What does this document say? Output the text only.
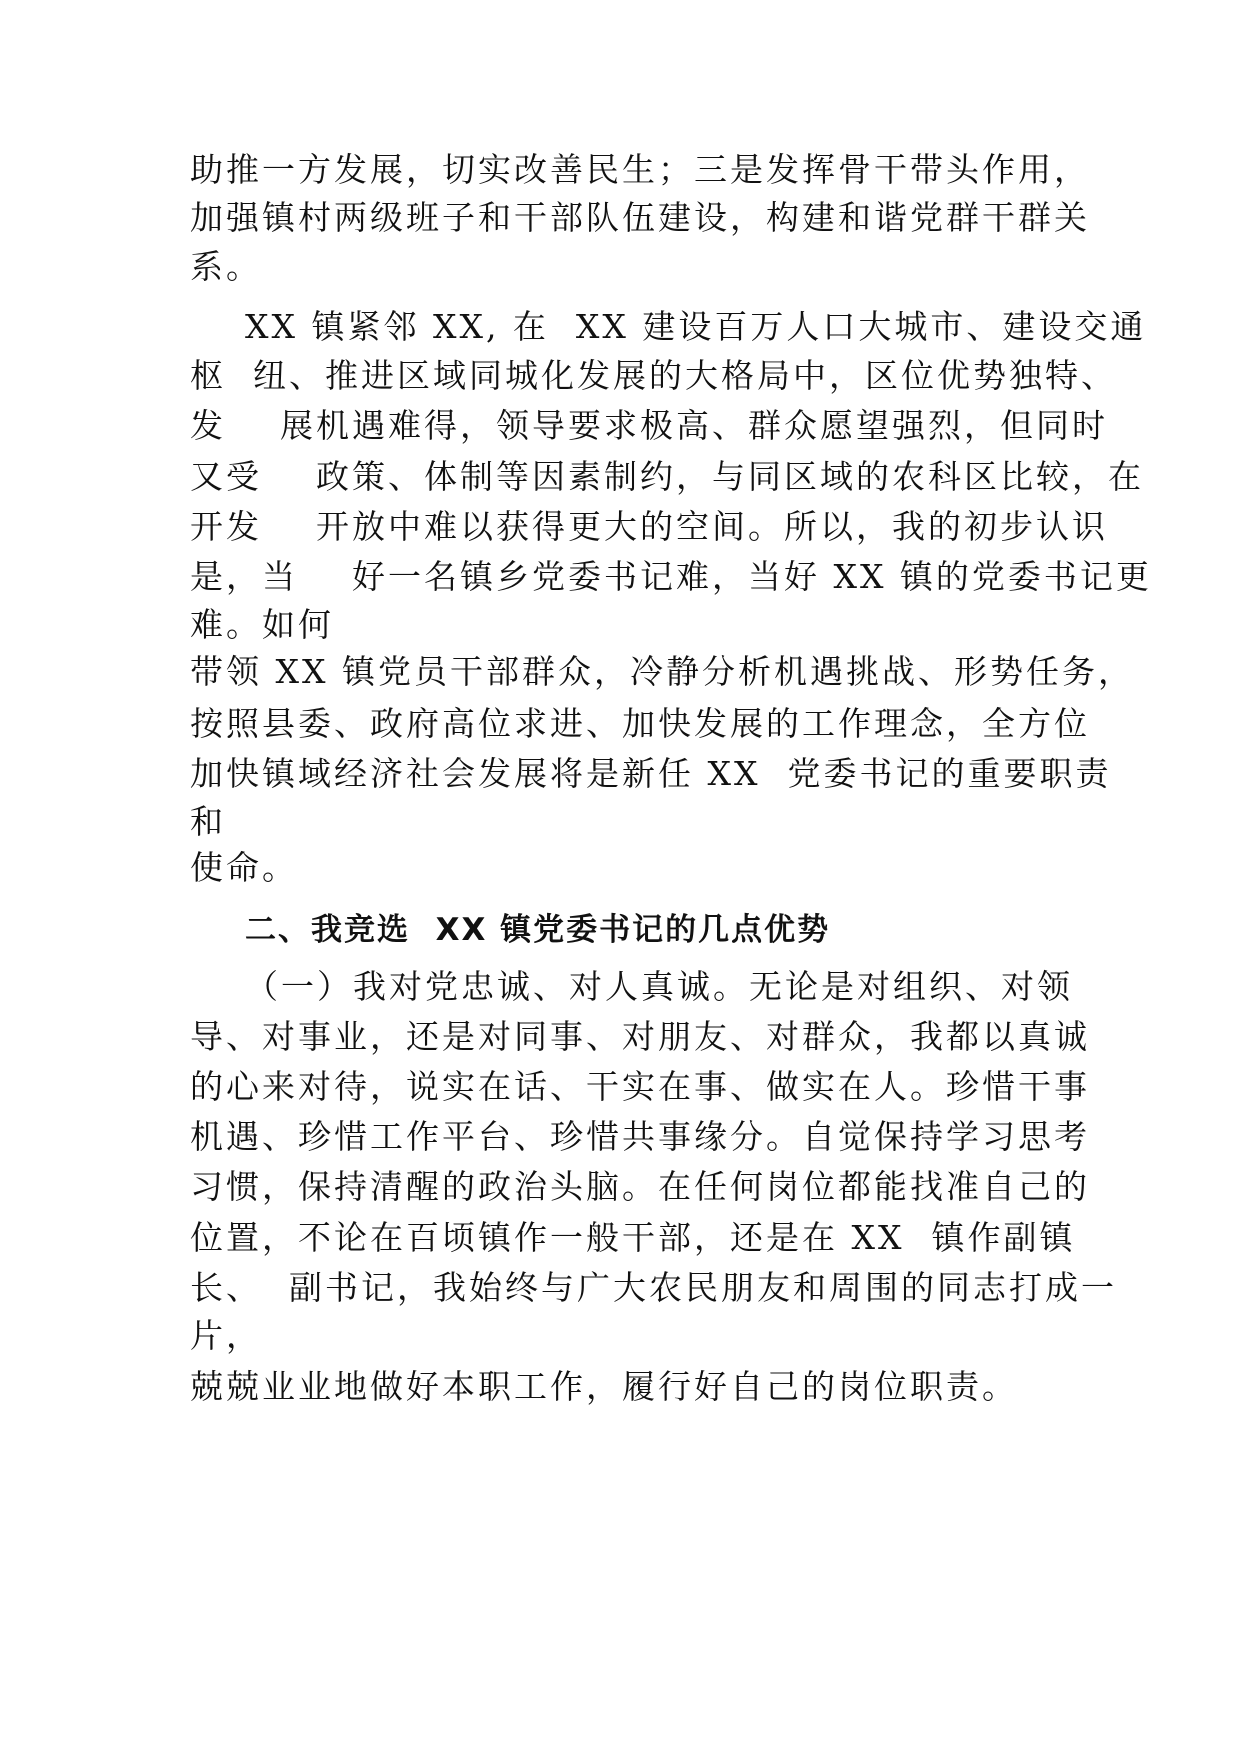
助推一方发展，切实改善民生；三是发挥骨干带头作用，
加强镇村两级班子和干部队伍建设，构建和谐党群干群关
系。
XX 镇紧邻 XX, 在  XX 建设百万人口大城市、建设交通
枢  纽、推进区域同城化发展的大格局中，区位优势独特、
发    展机遇难得，领导要求极高、群众愿望强烈，但同时
又受    政策、体制等因素制约，与同区域的农科区比较，在
开发    开放中难以获得更大的空间。所以，我的初步认识
是，当    好一名镇乡党委书记难，当好 XX 镇的党委书记更
难。如何
带领 XX 镇党员干部群众，冷静分析机遇挑战、形势任务，
按照县委、政府高位求进、加快发展的工作理念，全方位
加快镇域经济社会发展将是新任 XX  党委书记的重要职责
和
使命。
二、我竞选  XX 镇党委书记的几点优势
（一）我对党忠诚、对人真诚。无论是对组织、对领
导、对事业，还是对同事、对朋友、对群众，我都以真诚
的心来对待，说实在话、干实在事、做实在人。珍惜干事
机遇、珍惜工作平台、珍惜共事缘分。自觉保持学习思考
习惯，保持清醒的政治头脑。在任何岗位都能找准自己的
位置，不论在百顷镇作一般干部，还是在 XX  镇作副镇
长、  副书记，我始终与广大农民朋友和周围的同志打成一
片，
兢兢业业地做好本职工作，履行好自己的岗位职责。
